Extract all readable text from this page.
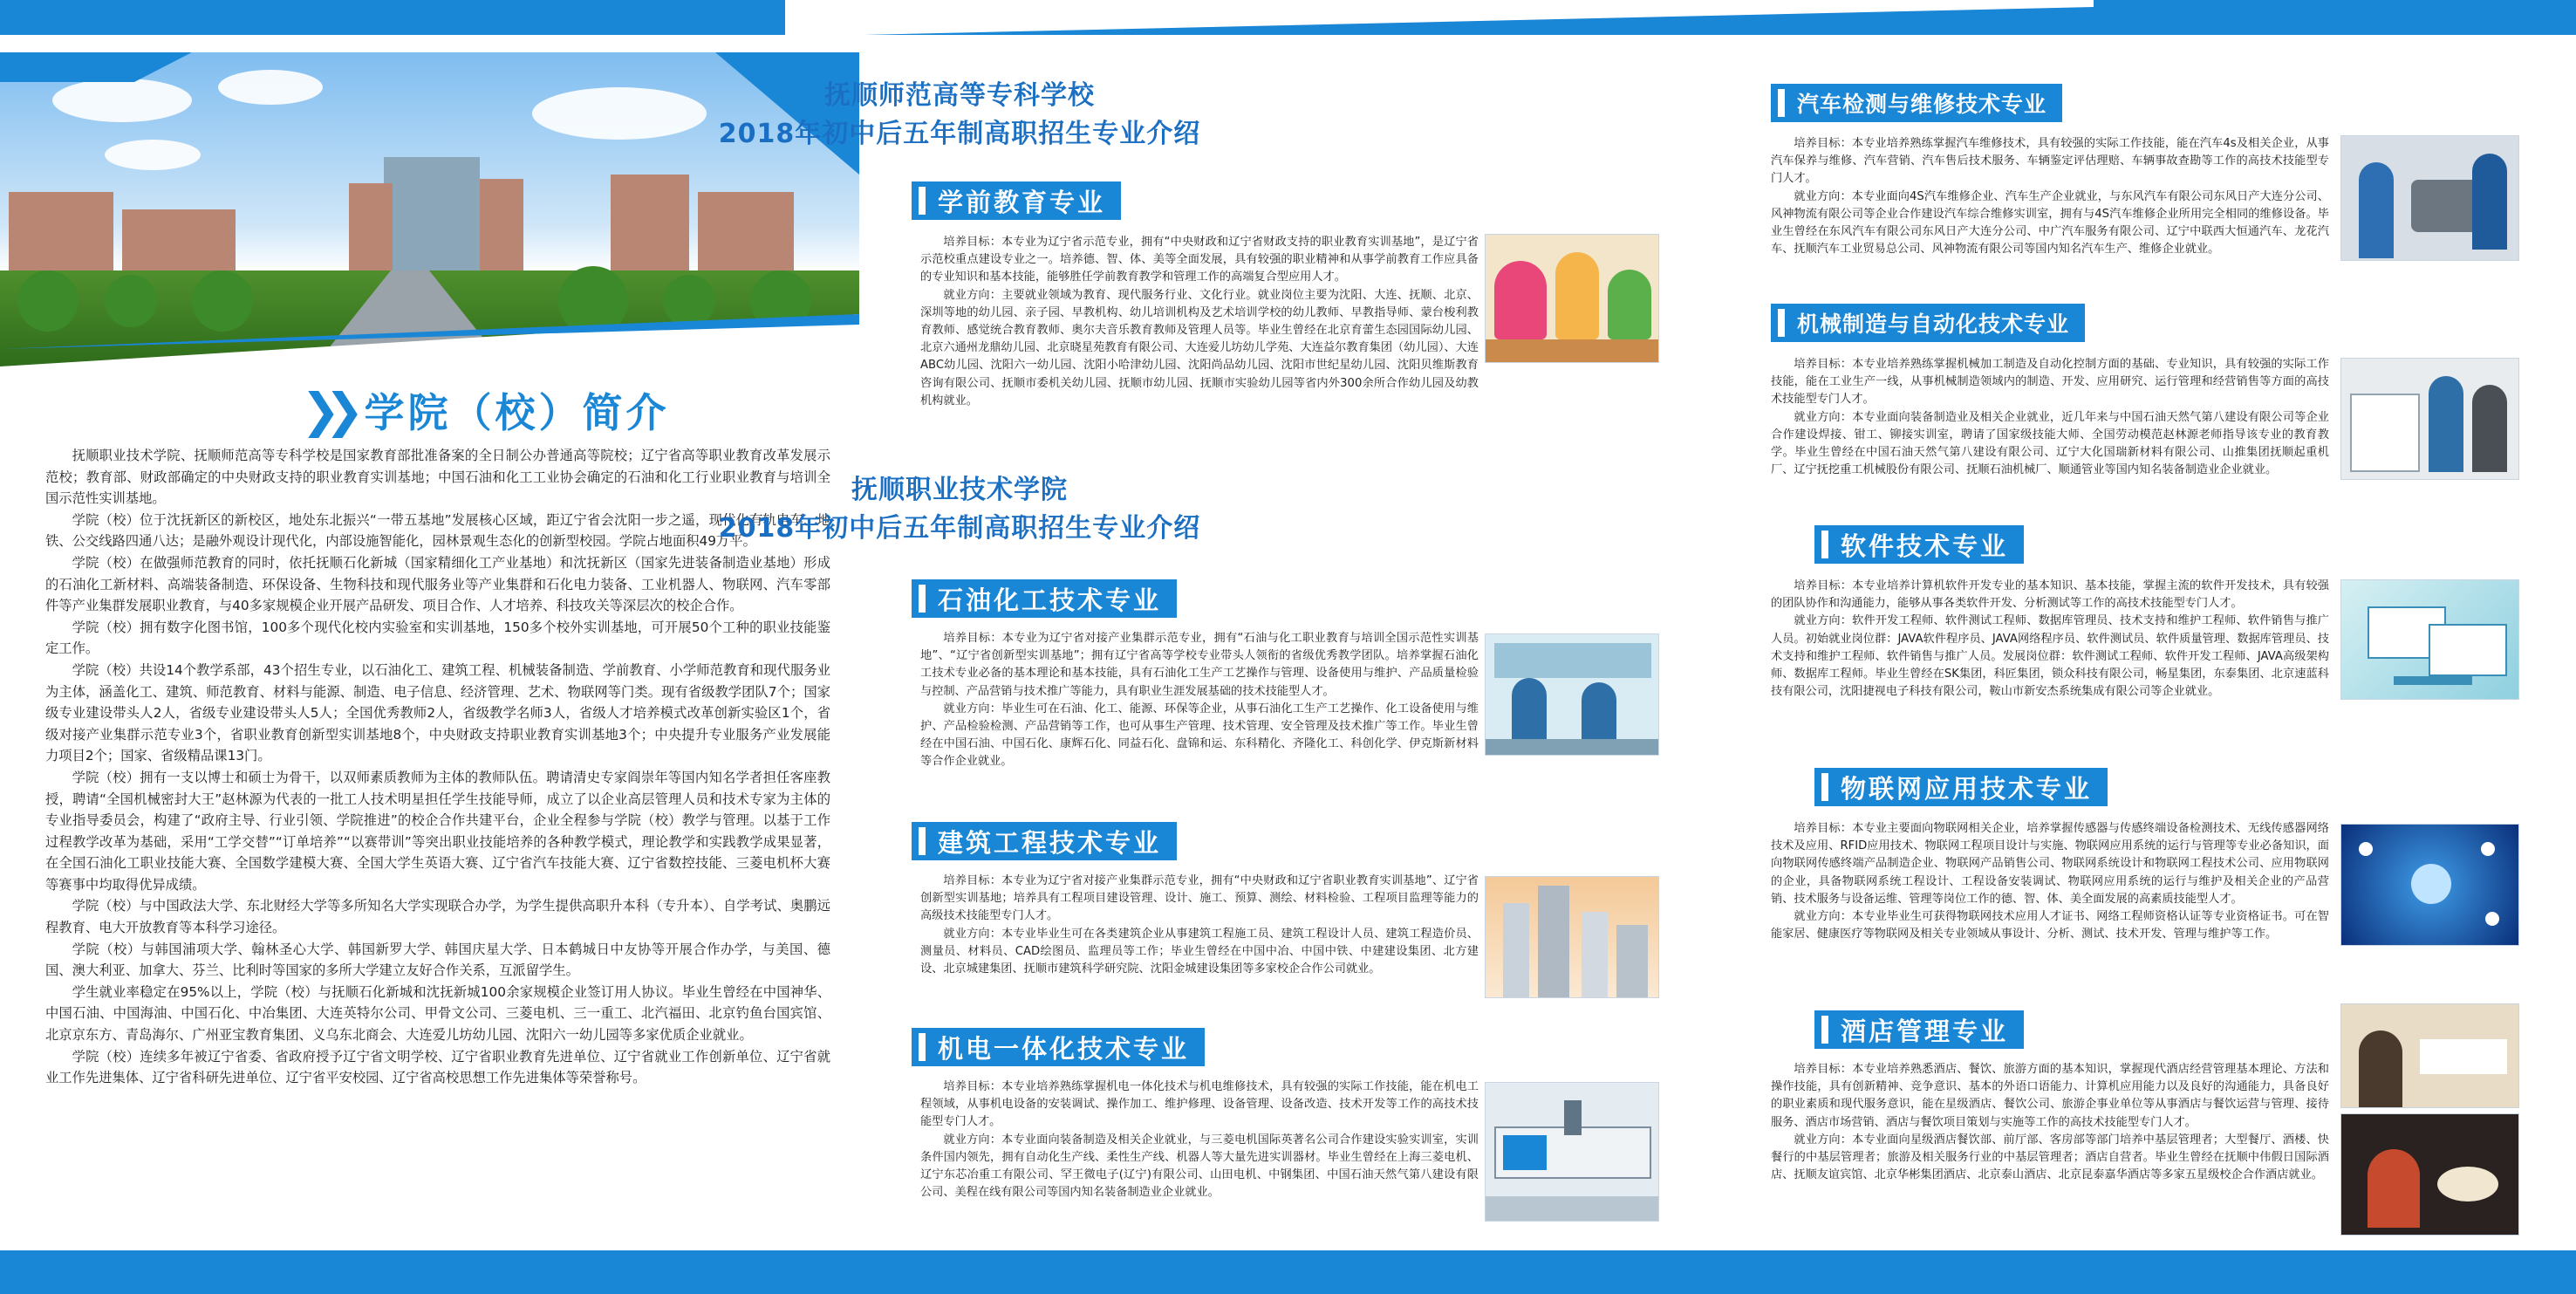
❯❯ 学院（校）简介

抚顺职业技术学院、抚顺师范高等专科学校是国家教育部批准备案的全日制公办普通高等院校；辽宁省高等职业教育改革发展示范校；教育部、财政部确定的中央财政支持的职业教育实训基地；中国石油和化工工业协会确定的石油和化工行业职业教育与培训全国示范性实训基地。

学院（校）位于沈抚新区的新校区，地处东北振兴“一带五基地”发展核心区域，距辽宁省会沈阳一步之遥，现代化有轨电车、地铁、公交线路四通八达；是融外观设计现代化，内部设施智能化，园林景观生态化的创新型校园。学院占地面积49万平。

学院（校）在做强师范教育的同时，依托抚顺石化新城（国家精细化工产业基地）和沈抚新区（国家先进装备制造业基地）形成的石油化工新材料、高端装备制造、环保设备、生物科技和现代服务业等产业集群和石化电力装备、工业机器人、物联网、汽车零部件等产业集群发展职业教育，与40多家规模企业开展产品研发、项目合作、人才培养、科技攻关等深层次的校企合作。

学院（校）拥有数字化图书馆，100多个现代化校内实验室和实训基地，150多个校外实训基地，可开展50个工种的职业技能鉴定工作。

学院（校）共设14个教学系部，43个招生专业，以石油化工、建筑工程、机械装备制造、学前教育、小学师范教育和现代服务业为主体，涵盖化工、建筑、师范教育、材料与能源、制造、电子信息、经济管理、艺术、物联网等门类。现有省级教学团队7个；国家级专业建设带头人2人，省级专业建设带头人5人；全国优秀教师2人，省级教学名师3人，省级人才培养模式改革创新实验区1个，省级对接产业集群示范专业3个，省职业教育创新型实训基地8个，中央财政支持职业教育实训基地3个；中央提升专业服务产业发展能力项目2个；国家、省级精品课13门。

学院（校）拥有一支以博士和硕士为骨干，以双师素质教师为主体的教师队伍。聘请清史专家阎崇年等国内知名学者担任客座教授，聘请“全国机械密封大王”赵林源为代表的一批工人技术明星担任学生技能导师，成立了以企业高层管理人员和技术专家为主体的专业指导委员会，构建了“政府主导、行业引领、学院推进”的校企合作共建平台，企业全程参与学院（校）教学与管理。以基于工作过程教学改革为基础，采用“工学交替”“订单培养”“以赛带训”等突出职业技能培养的各种教学模式，理论教学和实践教学成果显著，在全国石油化工职业技能大赛、全国数学建模大赛、全国大学生英语大赛、辽宁省汽车技能大赛、辽宁省数控技能、三菱电机杯大赛等赛事中均取得优异成绩。

学院（校）与中国政法大学、东北财经大学等多所知名大学实现联合办学，为学生提供高职升本科（专升本）、自学考试、奥鹏远程教育、电大开放教育等本科学习途径。

学院（校）与韩国浦项大学、翰林圣心大学、韩国新罗大学、韩国庆星大学、日本鹤城日中友协等开展合作办学，与美国、德国、澳大利亚、加拿大、芬兰、比利时等国家的多所大学建立友好合作关系，互派留学生。

学生就业率稳定在95%以上，学院（校）与抚顺石化新城和沈抚新城100余家规模企业签订用人协议。毕业生曾经在中国神华、中国石油、中国海油、中国石化、中冶集团、大连英特尔公司、甲骨文公司、三菱电机、三一重工、北汽福田、北京钓鱼台国宾馆、北京京东方、青岛海尔、广州亚宝教育集团、义乌东北商会、大连爱儿坊幼儿园、沈阳六一幼儿园等多家优质企业就业。

学院（校）连续多年被辽宁省委、省政府授予辽宁省文明学校、辽宁省职业教育先进单位、辽宁省就业工作创新单位、辽宁省就业工作先进集体、辽宁省科研先进单位、辽宁省平安校园、辽宁省高校思想工作先进集体等荣誉称号。

抚顺师范高等专科学校
2018年初中后五年制高职招生专业介绍
学前教育专业

培养目标：本专业为辽宁省示范专业，拥有“中央财政和辽宁省财政支持的职业教育实训基地”，是辽宁省示范校重点建设专业之一。培养德、智、体、美等全面发展，具有较强的职业精神和从事学前教育工作应具备的专业知识和基本技能，能够胜任学前教育教学和管理工作的高端复合型应用人才。

就业方向：主要就业领域为教育、现代服务行业、文化行业。就业岗位主要为沈阳、大连、抚顺、北京、深圳等地的幼儿园、亲子园、早教机构、幼儿培训机构及艺术培训学校的幼儿教师、早教指导师、蒙台梭利教育教师、感觉统合教育教师、奥尔夫音乐教育教师及管理人员等。毕业生曾经在北京育蕾生态园国际幼儿园、北京六通州龙鼎幼儿园、北京晓星苑教育有限公司、大连爱儿坊幼儿学苑、大连益尔教育集团（幼儿园）、大连ABC幼儿园、沈阳六一幼儿园、沈阳小哈津幼儿园、沈阳尚品幼儿园、沈阳市世纪星幼儿园、沈阳贝维斯教育咨询有限公司、抚顺市委机关幼儿园、抚顺市幼儿园、抚顺市实验幼儿园等省内外300余所合作幼儿园及幼教机构就业。

抚顺职业技术学院
2018年初中后五年制高职招生专业介绍
石油化工技术专业

培养目标：本专业为辽宁省对接产业集群示范专业，拥有“石油与化工职业教育与培训全国示范性实训基地”、“辽宁省创新型实训基地”；拥有辽宁省高等学校专业带头人领衔的省级优秀教学团队。培养掌握石油化工技术专业必备的基本理论和基本技能，具有石油化工生产工艺操作与管理、设备使用与维护、产品质量检验与控制、产品营销与技术推广等能力，具有职业生涯发展基础的技术技能型人才。

就业方向：毕业生可在石油、化工、能源、环保等企业，从事石油化工生产工艺操作、化工设备使用与维护、产品检验检测、产品营销等工作，也可从事生产管理、技术管理、安全管理及技术推广等工作。毕业生曾经在中国石油、中国石化、康辉石化、同益石化、盘锦和运、东科精化、齐隆化工、科创化学、伊克斯新材料等合作企业就业。

建筑工程技术专业

培养目标：本专业为辽宁省对接产业集群示范专业，拥有“中央财政和辽宁省职业教育实训基地”、辽宁省创新型实训基地；培养具有工程项目建设管理、设计、施工、预算、测绘、材料检验、工程项目监理等能力的高级技术技能型专门人才。

就业方向：本专业毕业生可在各类建筑企业从事建筑工程施工员、建筑工程设计人员、建筑工程造价员、测量员、材料员、CAD绘图员、监理员等工作；毕业生曾经在中国中冶、中国中铁、中建建设集团、北方建设、北京城建集团、抚顺市建筑科学研究院、沈阳金城建设集团等多家校企合作公司就业。

机电一体化技术专业

培养目标：本专业培养熟练掌握机电一体化技术与机电维修技术，具有较强的实际工作技能，能在机电工程领域，从事机电设备的安装调试、操作加工、维护修理、设备管理、设备改造、技术开发等工作的高技术技能型专门人才。

就业方向：本专业面向装备制造及相关企业就业，与三菱电机国际英著名公司合作建设实验实训室，实训条件国内领先，拥有自动化生产线、柔性生产线、机器人等大量先进实训器材。毕业生曾经在上海三菱电机、辽宁东芯冶重工有限公司、罕王微电子(辽宁)有限公司、山田电机、中钢集团、中国石油天然气第八建设有限公司、美程在线有限公司等国内知名装备制造业企业就业。

汽车检测与维修技术专业

培养目标：本专业培养熟练掌握汽车维修技术，具有较强的实际工作技能，能在汽车4s及相关企业，从事汽车保养与维修、汽车营销、汽车售后技术服务、车辆鉴定评估理赔、车辆事故查勘等工作的高技术技能型专门人才。

就业方向：本专业面向4S汽车维修企业、汽车生产企业就业，与东风汽车有限公司东风日产大连分公司、风神物流有限公司等企业合作建设汽车综合维修实训室，拥有与4S汽车维修企业所用完全相同的维修设备。毕业生曾经在东风汽车有限公司东风日产大连分公司、中广汽车服务有限公司、辽宁中联西大恒通汽车、龙花汽车、抚顺汽车工业贸易总公司、风神物流有限公司等国内知名汽车生产、维修企业就业。

机械制造与自动化技术专业

培养目标：本专业培养熟练掌握机械加工制造及自动化控制方面的基础、专业知识，具有较强的实际工作技能，能在工业生产一线，从事机械制造领域内的制造、开发、应用研究、运行管理和经营销售等方面的高技术技能型专门人才。

就业方向：本专业面向装备制造业及相关企业就业，近几年来与中国石油天然气第八建设有限公司等企业合作建设焊接、钳工、铆接实训室，聘请了国家级技能大师、全国劳动模范赵林源老师指导该专业的教育教学。毕业生曾经在中国石油天然气第八建设有限公司、辽宁大化国瑞新材料有限公司、山推集团抚顺起重机厂、辽宁抚挖重工机械股份有限公司、抚顺石油机械厂、顺通管业等国内知名装备制造业企业就业。

软件技术专业

培养目标：本专业培养计算机软件开发专业的基本知识、基本技能，掌握主流的软件开发技术，具有较强的团队协作和沟通能力，能够从事各类软件开发、分析测试等工作的高技术技能型专门人才。

就业方向：软件开发工程师、软件测试工程师、数据库管理员、技术支持和维护工程师、软件销售与推广人员。初始就业岗位群：JAVA软件程序员、JAVA网络程序员、软件测试员、软件质量管理、数据库管理员、技术支持和维护工程师、软件销售与推广人员。发展岗位群：软件测试工程师、软件开发工程师、JAVA高级架构师、数据库工程师。毕业生曾经在SK集团，科匠集团，锁众科技有限公司，畅星集团，东泰集团、北京速蓝科技有限公司，沈阳捷视电子科技有限公司，鞍山市新安杰系统集成有限公司等企业就业。

物联网应用技术专业

培养目标：本专业主要面向物联网相关企业，培养掌握传感器与传感终端设备检测技术、无线传感器网络技术及应用、RFID应用技术、物联网工程项目设计与实施、物联网应用系统的运行与管理等专业必备知识，面向物联网传感终端产品制造企业、物联网产品销售公司、物联网系统设计和物联网工程技术公司、应用物联网的企业，具备物联网系统工程设计、工程设备安装调试、物联网应用系统的运行与维护及相关企业的产品营销、技术服务与设备运维、管理等岗位工作的德、智、体、美全面发展的高素质技能型人才。

就业方向：本专业毕业生可获得物联网技术应用人才证书、网络工程师资格认证等专业资格证书。可在智能家居、健康医疗等物联网及相关专业领域从事设计、分析、测试、技术开发、管理与维护等工作。

酒店管理专业

培养目标：本专业培养熟悉酒店、餐饮、旅游方面的基本知识，掌握现代酒店经营管理基本理论、方法和操作技能，具有创新精神、竞争意识、基本的外语口语能力、计算机应用能力以及良好的沟通能力，具备良好的职业素质和现代服务意识，能在星级酒店、餐饮公司、旅游企事业单位等从事酒店与餐饮运营与管理、接待服务、酒店市场营销、酒店与餐饮项目策划与实施等工作的高技术技能型专门人才。

就业方向：本专业面向星级酒店餐饮部、前厅部、客房部等部门培养中基层管理者；大型餐厅、酒楼、快餐行的中基层管理者；旅游及相关服务行业的中基层管理者；酒店自营者。毕业生曾经在抚顺中伟假日国际酒店、抚顺友谊宾馆、北京华彬集团酒店、北京泰山酒店、北京昆泰嘉华酒店等多家五星级校企合作酒店就业。
